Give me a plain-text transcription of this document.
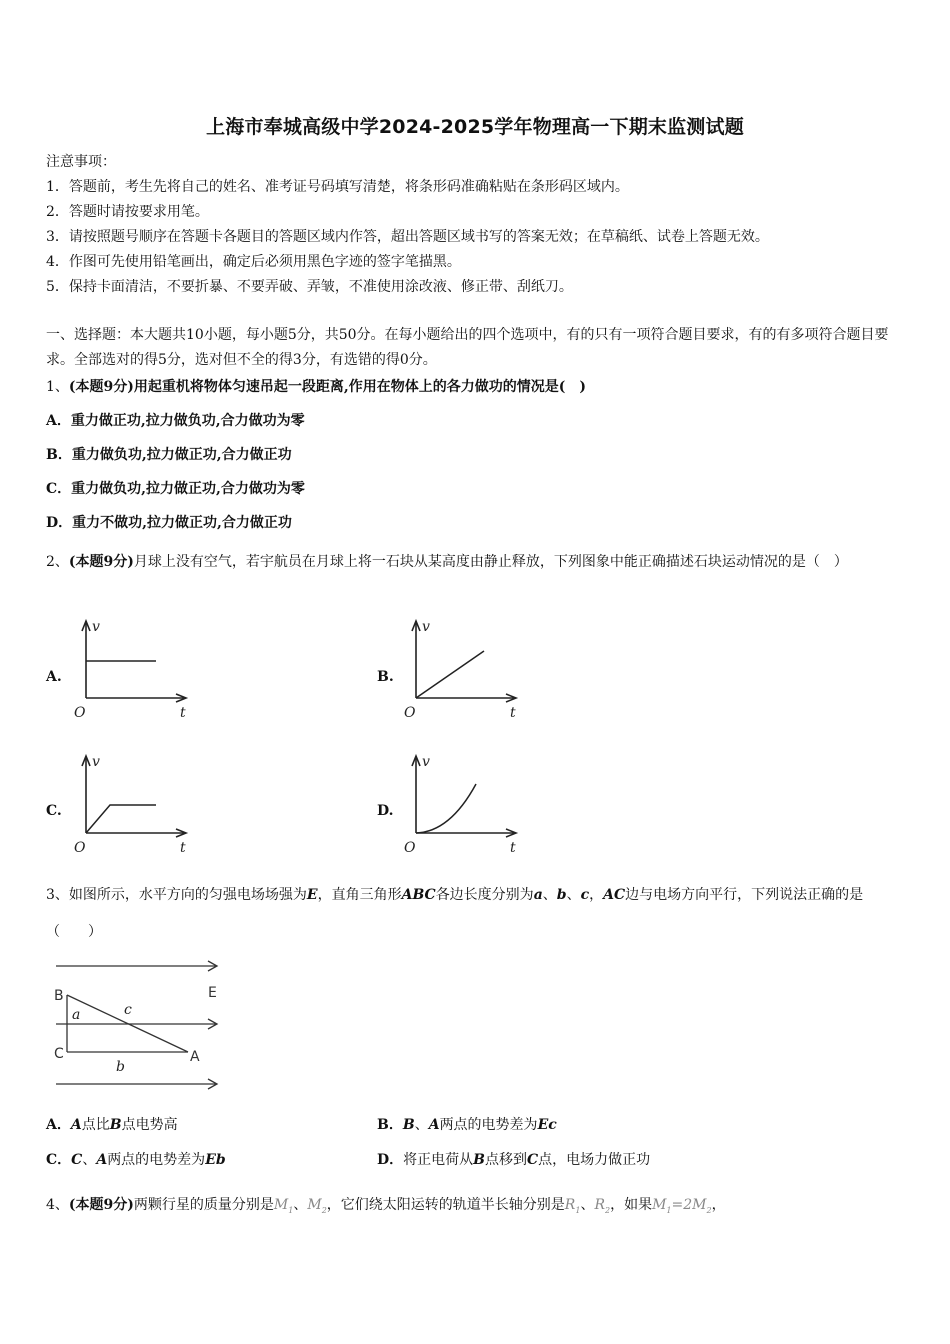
上海市奉城高级中学2024-2025学年物理高一下期末监测试题
注意事项：
1．答题前，考生先将自己的姓名、准考证号码填写清楚，将条形码准确粘贴在条形码区域内。
2．答题时请按要求用笔。
3．请按照题号顺序在答题卡各题目的答题区域内作答，超出答题区域书写的答案无效；在草稿纸、试卷上答题无效。
4．作图可先使用铅笔画出，确定后必须用黑色字迹的签字笔描黑。
5．保持卡面清洁，不要折暴、不要弄破、弄皱，不准使用涂改液、修正带、刮纸刀。
一、选择题：本大题共10小题，每小题5分，共50分。在每小题给出的四个选项中，有的只有一项符合题目要求，有的有多项符合题目要求。全部选对的得5分，选对但不全的得3分，有选错的得0分。
1、(本题9分)用起重机将物体匀速吊起一段距离,作用在物体上的各力做功的情况是(　)
A．重力做正功,拉力做负功,合力做功为零
B．重力做负功,拉力做正功,合力做正功
C．重力做负功,拉力做正功,合力做功为零
D．重力不做功,拉力做正功,合力做正功
2、(本题9分)月球上没有空气，若宇航员在月球上将一石块从某高度由静止释放，下列图象中能正确描述石块运动情况的是（　）
A.
v
t
O
B.
v
t
O
C.
v
t
O
D.
v
t
O
3、如图所示，水平方向的匀强电场场强为E，直角三角形ABC各边长度分别为a、b、c，AC边与电场方向平行，下列说法正确的是（　　）
B
C	A
E
a	c
b
A．A点比B点电势高	B．B、A两点的电势差为Ec
C．C、A两点的电势差为Eb	D．将正电荷从B点移到C点，电场力做正功
4、(本题9分)两颗行星的质量分别是$M_1$、$M_2$，它们绕太阳运转的轨道半长轴分别是$R_1$、$R_2$，如果$M_1=2M_2$，
